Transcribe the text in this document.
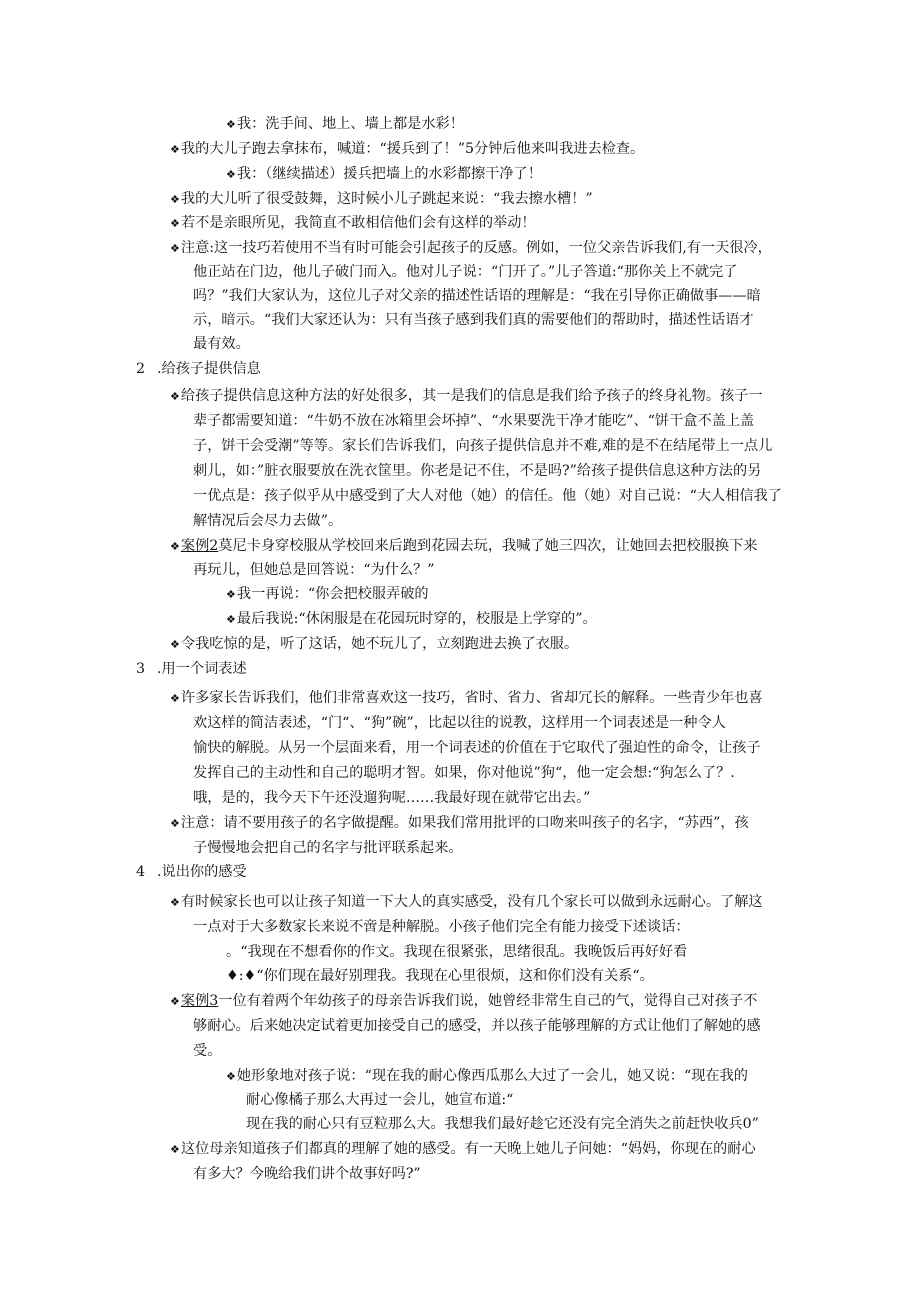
❖我：洗手间、地上、墙上都是水彩！
❖我的大儿子跑去拿抹布，喊道：“援兵到了！”5分钟后他来叫我进去检查。
❖我：（继续描述）援兵把墙上的水彩都擦干净了！
❖我的大儿听了很受鼓舞，这时候小儿子跳起来说：“我去擦水槽！”
❖若不是亲眼所见，我简直不敢相信他们会有这样的举动！
❖注意:这一技巧若使用不当有时可能会引起孩子的反感。例如，一位父亲告诉我们,有一天很冷，
他正站在门边，他儿子破门而入。他对儿子说：“门开了。”儿子答道:“那你关上不就完了
吗？”我们大家认为，这位儿子对父亲的描述性话语的理解是：“我在引导你正确做事——暗
示，暗示。“我们大家还认为：只有当孩子感到我们真的需要他们的帮助时，描述性话语才
最有效。
2 .给孩子提供信息
❖给孩子提供信息这种方法的好处很多，其一是我们的信息是我们给予孩子的终身礼物。孩子一
辈子都需要知道：“牛奶不放在冰箱里会坏掉”、“水果要洗干净才能吃”、“饼干盒不盖上盖
子，饼干会受潮”等等。家长们告诉我们，向孩子提供信息并不难,难的是不在结尾带上一点儿
刺儿，如：”脏衣服要放在洗衣筐里。你老是记不住，不是吗?”给孩子提供信息这种方法的另
一优点是：孩子似乎从中感受到了大人对他（她）的信任。他（她）对自己说：“大人相信我了
解情况后会尽力去做”。
❖案例2莫尼卡身穿校服从学校回来后跑到花园去玩，我喊了她三四次，让她回去把校服换下来
再玩儿，但她总是回答说：“为什么？”
❖我一再说：“你会把校服弄破的
❖最后我说:“休闲服是在花园玩时穿的，校服是上学穿的”。
❖令我吃惊的是，听了这话，她不玩儿了，立刻跑进去换了衣服。
3 .用一个词表述
❖许多家长告诉我们，他们非常喜欢这一技巧，省时、省力、省却冗长的解释。一些青少年也喜
欢这样的简洁表述，“门“、“狗”碗”，比起以往的说教，这样用一个词表述是一种令人
愉快的解脱。从另一个层面来看，用一个词表述的价值在于它取代了强迫性的命令，让孩子
发挥自己的主动性和自己的聪明才智。如果，你对他说”狗“，他一定会想:“狗怎么了？.
哦，是的，我今天下午还没遛狗呢……我最好现在就带它出去。”
❖注意：请不要用孩子的名字做提醒。如果我们常用批评的口吻来叫孩子的名字，“苏西”，孩
子慢慢地会把自己的名字与批评联系起来。
4 .说出你的感受
❖有时候家长也可以让孩子知道一下大人的真实感受，没有几个家长可以做到永远耐心。了解这
一点对于大多数家长来说不啻是种解脱。小孩子他们完全有能力接受下述谈话：
。“我现在不想看你的作文。我现在很紧张，思绪很乱。我晚饭后再好好看
♦:♦“你们现在最好别理我。我现在心里很烦，这和你们没有关系“。
❖案例3一位有着两个年幼孩子的母亲告诉我们说，她曾经非常生自己的气，觉得自己对孩子不
够耐心。后来她决定试着更加接受自己的感受，并以孩子能够理解的方式让他们了解她的感
受。
❖她形象地对孩子说：“现在我的耐心像西瓜那么大过了一会儿，她又说：“现在我的
耐心像橘子那么大再过一会儿，她宣布道:“
现在我的耐心只有豆粒那么大。我想我们最好趁它还没有完全消失之前赶快收兵0”
❖这位母亲知道孩子们都真的理解了她的感受。有一天晚上她儿子问她：“妈妈，你现在的耐心
有多大？今晚给我们讲个故事好吗?”
